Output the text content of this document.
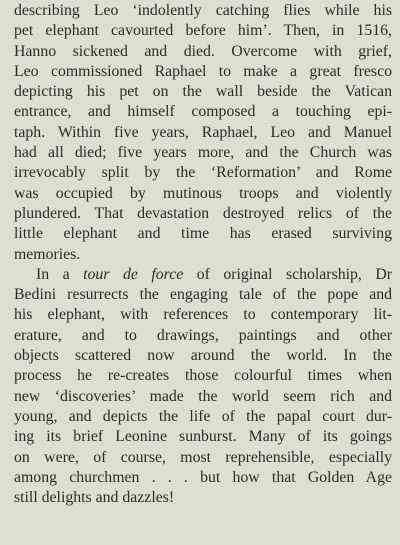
describing Leo ‘indolently catching flies while his
pet elephant cavourted before him’. Then, in 1516,
Hanno sickened and died. Overcome with grief,
Leo commissioned Raphael to make a great fresco
depicting his pet on the wall beside the Vatican
entrance, and himself composed a touching epi-
taph. Within five years, Raphael, Leo and Manuel
had all died; five years more, and the Church was
irrevocably split by the ‘Reformation’ and Rome
was occupied by mutinous troops and violently
plundered. That devastation destroyed relics of the
little elephant and time has erased surviving
memories.
In a tour de force of original scholarship, Dr
Bedini resurrects the engaging tale of the pope and
his elephant, with references to contemporary lit-
erature, and to drawings, paintings and other
objects scattered now around the world. In the
process he re-creates those colourful times when
new ‘discoveries’ made the world seem rich and
young, and depicts the life of the papal court dur-
ing its brief Leonine sunburst. Many of its goings
on were, of course, most reprehensible, especially
among churchmen . . . but how that Golden Age
still delights and dazzles!
